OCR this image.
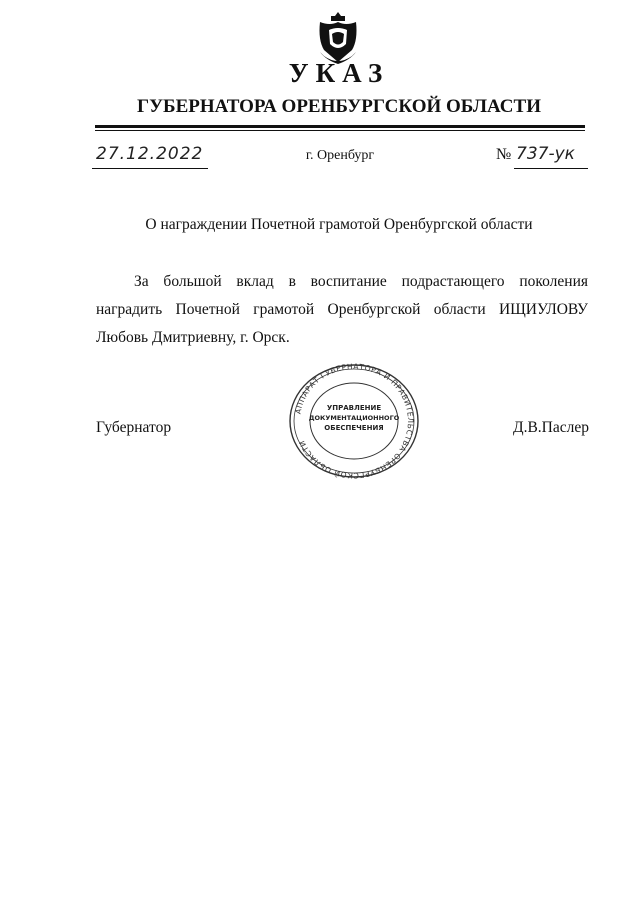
УКАЗ
ГУБЕРНАТОРА ОРЕНБУРГСКОЙ ОБЛАСТИ
27.12.2022	г. Оренбург	№ 737-ук
О награждении Почетной грамотой Оренбургской области
За большой вклад в воспитание подрастающего поколения наградить Почетной грамотой Оренбургской области ИЩИУЛОВУ Любовь Дмитриевну, г. Орск.
АППАРАТ ГУБЕРНАТОРА И ПРАВИТЕЛЬСТВА ОРЕНБУРГСКОЙ ОБЛАСТИ
УПРАВЛЕНИЕ
ДОКУМЕНТАЦИОННОГО
ОБЕСПЕЧЕНИЯ
Губернатор	Д.В.Паслер
